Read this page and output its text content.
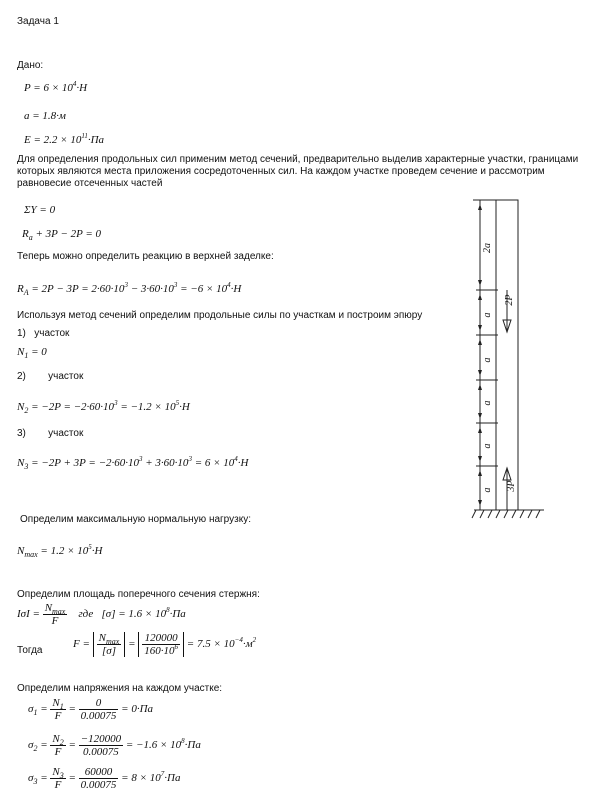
Задача 1
Дано:
$P = 6 \times 10^4\cdot Н$
a = 1.8·м
$E = 2.2 \times 10^{11}\cdot Па$
Для определения продольных сил применим метод сечений, предварительно выделив характерные участки, границами которых являются места приложения сосредоточенных сил. На каждом участке проведем сечение и рассмотрим равновесие отсеченных частей
ΣY = 0
$R_a + 3P - 2P = 0$
Теперь можно определить реакцию в верхней заделке:
$R_A = 2P - 3P = 2\cdot 60\cdot 10^3 - 3\cdot 60\cdot 10^3 = -6 \times 10^4\cdot Н$
Используя метод сечений определим продольные силы по участкам и построим эпюру
1) участок
$N_1 = 0$
2) участок
$N_2 = -2P = -2\cdot 60\cdot 10^3 = -1.2 \times 10^5\cdot Н$
3) участок
$N_3 = -2P + 3P = -2\cdot 60\cdot 10^3 + 3\cdot 60\cdot 10^3 = 6 \times 10^4\cdot Н$
Определим максимальную нормальную нагрузку:
$N_{max} = 1.2 \times 10^5\cdot Н$
Определим площадь поперечного сечения стержня:
$I\sigma I = \frac{N_{max}}{F}$ где $[\sigma] = 1.6 \times 10^8\cdot Па$
Тогда
$F = \frac{N_{max}}{[\sigma]} = \frac{120000}{160\cdot 10^6} = 7.5 \times 10^{-4}\cdot м^2$
Определим напряжения на каждом участке:
$\sigma_1 = \frac{N_1}{F} = \frac{0}{0.00075} = 0\cdot Па$
$\sigma_2 = \frac{N_2}{F} = \frac{-120000}{0.00075} = -1.6 \times 10^8\cdot Па$
$\sigma_3 = \frac{N_3}{F} = \frac{60000}{0.00075} = 8 \times 10^7\cdot Па$
2a
a
a
a
a
a
2P
3P
